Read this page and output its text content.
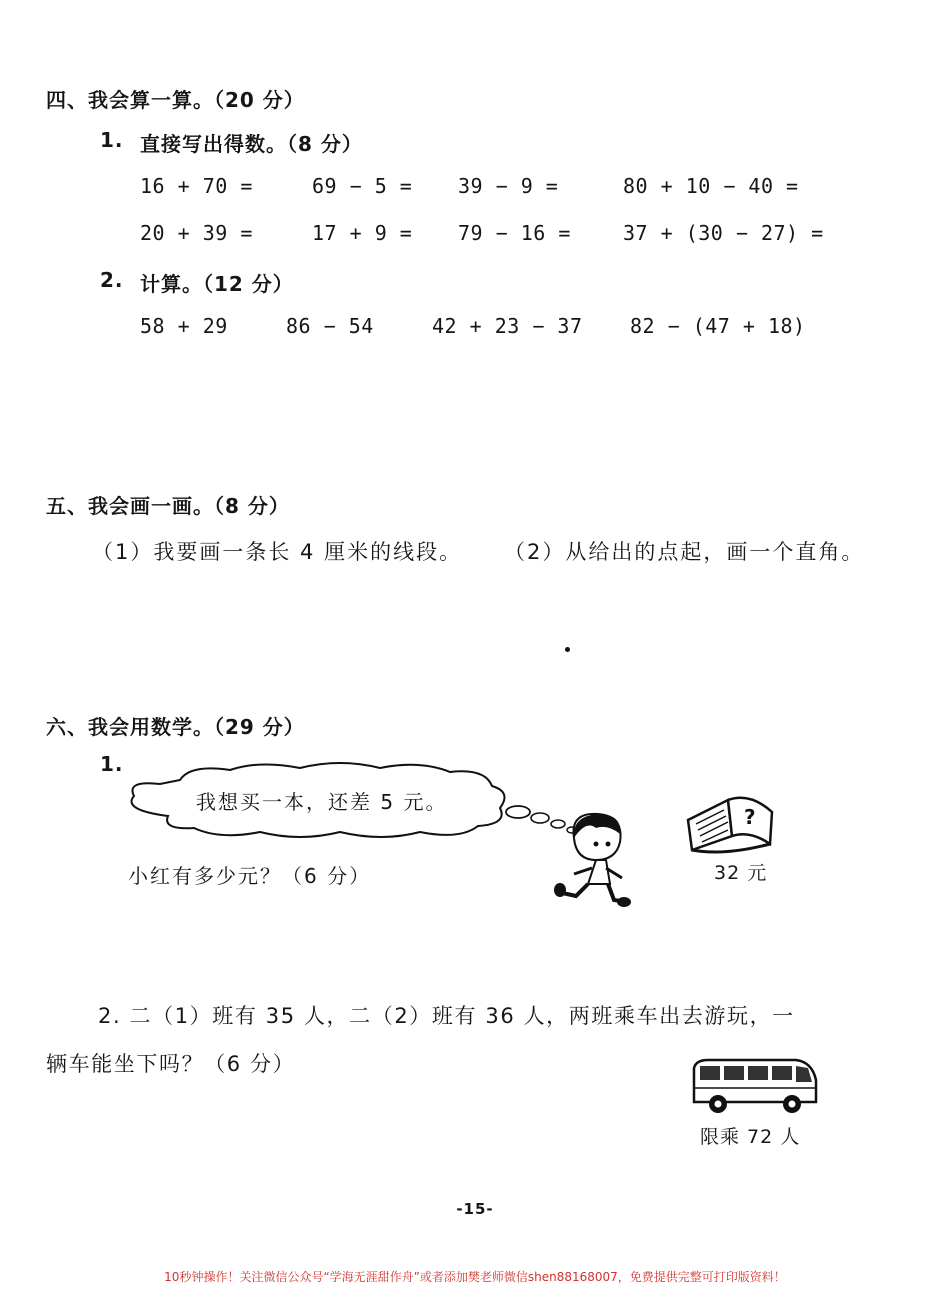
四、我会算一算。（20 分）
1. 直接写出得数。（8 分）
16 + 70 =	69 − 5 = 39 − 9 =	80 + 10 − 40 =
20 + 39 =	17 + 9 = 79 − 16 =	37 + (30 − 27) =
2. 计算。（12 分）
58 + 29	86 − 54	42 + 23 − 37 82 − (47 + 18)
五、我会画一画。（8 分）
（1）我要画一条长 4 厘米的线段。 （2）从给出的点起，画一个直角。
六、我会用数学。（29 分）
1.
我想买一本，还差 5 元。
小红有多少元？（6 分）
?
32 元
2. 二（1）班有 35 人，二（2）班有 36 人，两班乘车出去游玩，一
辆车能坐下吗？（6 分）
限乘 72 人
-15-
10秒钟操作！关注微信公众号“学海无涯甜作舟”或者添加樊老师微信shen88168007，免费提供完整可打印版资料！
